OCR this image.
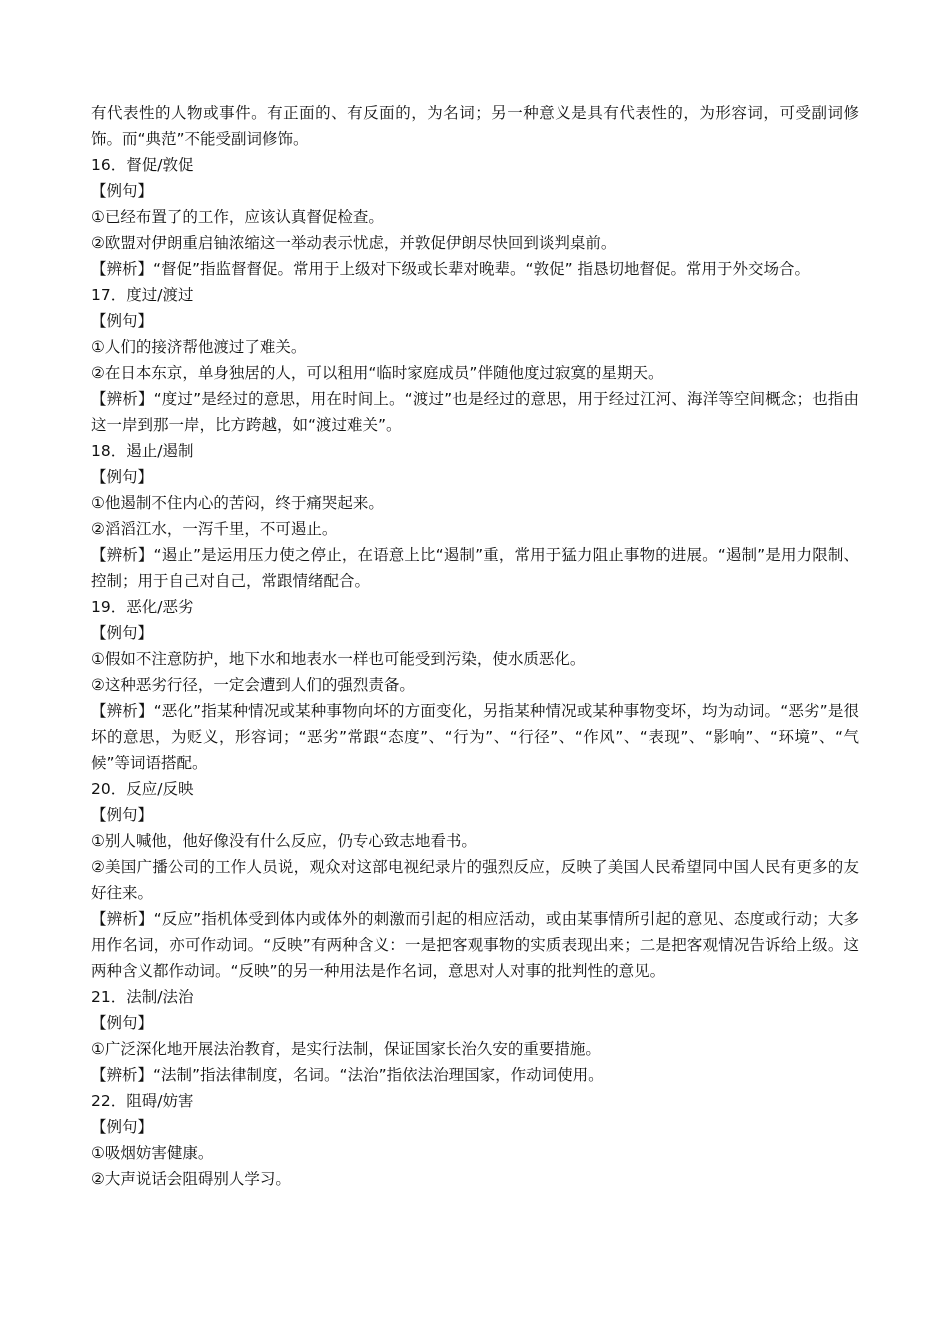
有代表性的人物或事件。有正面的、有反面的，为名词；另一种意义是具有代表性的，为形容词，可受副词修饰。而“典范”不能受副词修饰。

16．督促/敦促

【例句】

①已经布置了的工作，应该认真督促检查。

②欧盟对伊朗重启铀浓缩这一举动表示忧虑，并敦促伊朗尽快回到谈判桌前。

【辨析】“督促”指监督督促。常用于上级对下级或长辈对晚辈。“敦促” 指恳切地督促。常用于外交场合。

17．度过/渡过

【例句】

①人们的接济帮他渡过了难关。

②在日本东京，单身独居的人，可以租用“临时家庭成员”伴随他度过寂寞的星期天。

【辨析】“度过”是经过的意思，用在时间上。“渡过”也是经过的意思，用于经过江河、海洋等空间概念；也指由这一岸到那一岸，比方跨越，如“渡过难关”。

18．遏止/遏制

【例句】

①他遏制不住内心的苦闷，终于痛哭起来。

②滔滔江水，一泻千里，不可遏止。

【辨析】“遏止”是运用压力使之停止，在语意上比“遏制”重，常用于猛力阻止事物的进展。“遏制”是用力限制、控制；用于自己对自己，常跟情绪配合。

19．恶化/恶劣

【例句】

①假如不注意防护，地下水和地表水一样也可能受到污染，使水质恶化。

②这种恶劣行径，一定会遭到人们的强烈责备。

【辨析】“恶化”指某种情况或某种事物向坏的方面变化，另指某种情况或某种事物变坏，均为动词。“恶劣”是很坏的意思，为贬义，形容词；“恶劣”常跟“态度”、“行为”、“行径”、“作风”、“表现”、“影响”、“环境”、“气候”等词语搭配。

20．反应/反映

【例句】

①别人喊他，他好像没有什么反应，仍专心致志地看书。

②美国广播公司的工作人员说，观众对这部电视纪录片的强烈反应，反映了美国人民希望同中国人民有更多的友好往来。

【辨析】“反应”指机体受到体内或体外的刺激而引起的相应活动，或由某事情所引起的意见、态度或行动；大多用作名词，亦可作动词。“反映”有两种含义：一是把客观事物的实质表现出来；二是把客观情况告诉给上级。这两种含义都作动词。“反映”的另一种用法是作名词，意思对人对事的批判性的意见。

21．法制/法治

【例句】

①广泛深化地开展法治教育，是实行法制，保证国家长治久安的重要措施。

【辨析】“法制”指法律制度，名词。“法治”指依法治理国家，作动词使用。

22．阻碍/妨害

【例句】

①吸烟妨害健康。

②大声说话会阻碍别人学习。
